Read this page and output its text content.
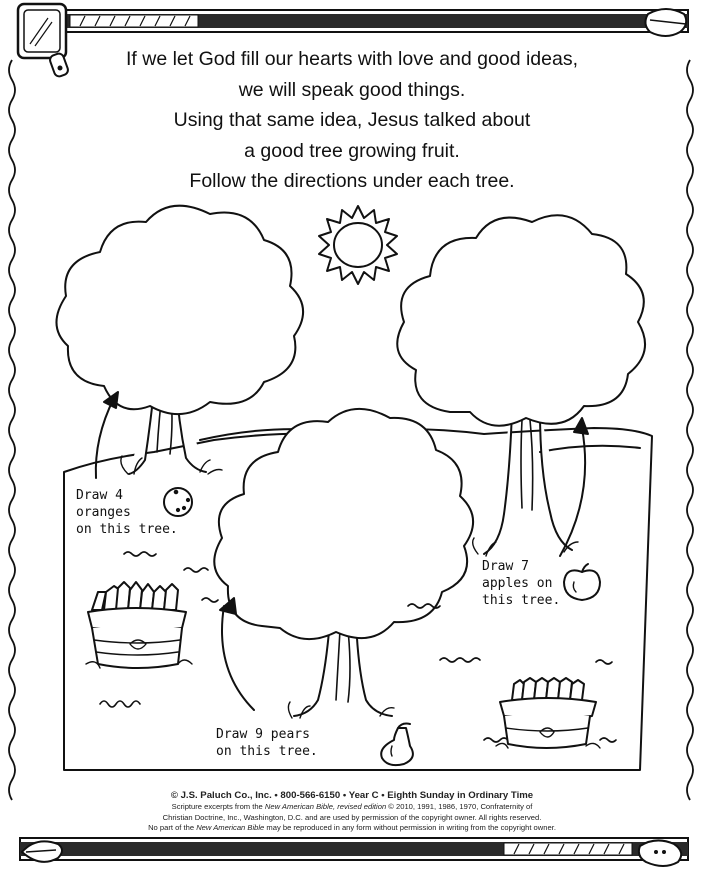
If we let God fill our hearts with love and good ideas,
we will speak good things.
Using that same idea, Jesus talked about
a good tree growing fruit.
Follow the directions under each tree.
Draw 4
oranges
on this tree.
Draw 7
apples on
this tree.
Draw 9 pears
on this tree.
© J.S. Paluch Co., Inc. • 800-566-6150 • Year C • Eighth Sunday in Ordinary Time
Scripture excerpts from the New American Bible, revised edition © 2010, 1991, 1986, 1970, Confraternity of
Christian Doctrine, Inc., Washington, D.C. and are used by permission of the copyright owner. All rights reserved.
No part of the New American Bible may be reproduced in any form without permission in writing from the copyright owner.
